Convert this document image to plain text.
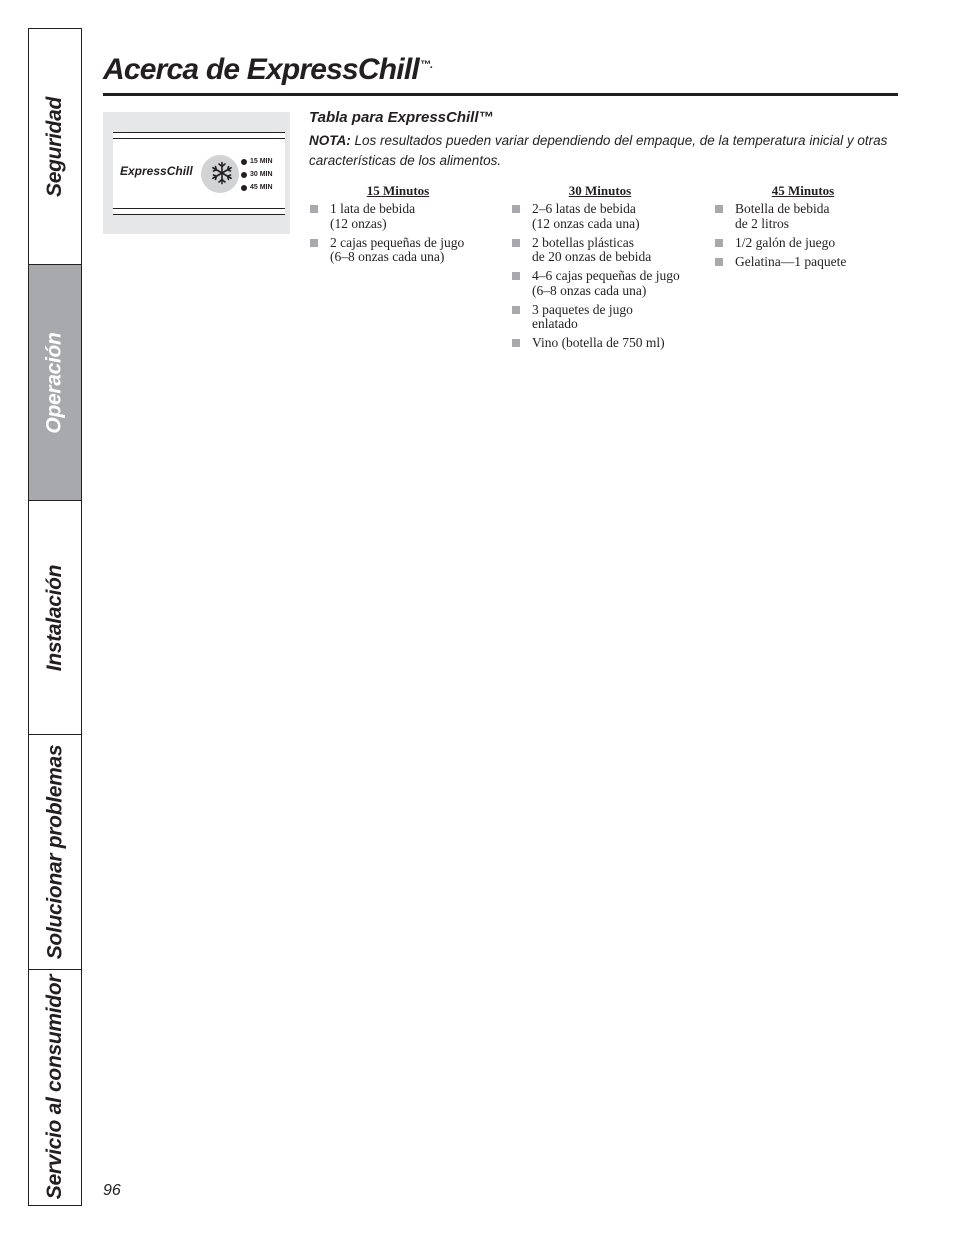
Seguridad
Operación
Instalación
Solucionar problemas
Servicio al consumidor
Acerca de ExpressChill™.
ExpressChill
15 MIN
30 MIN
45 MIN
Tabla para ExpressChill™

NOTA: Los resultados pueden variar dependiendo del empaque, de la temperatura inicial y otras características de los alimentos.

15 Minutos
1 lata de bebida
(12 onzas)
2 cajas pequeñas de jugo
(6–8 onzas cada una)
30 Minutos
2–6 latas de bebida
(12 onzas cada una)
2 botellas plásticas
de 20 onzas de bebida
4–6 cajas pequeñas de jugo
(6–8 onzas cada una)
3 paquetes de jugo
enlatado
Vino (botella de 750 ml)
45 Minutos
Botella de bebida
de 2 litros
1/2 galón de juego
Gelatina—1 paquete
96
